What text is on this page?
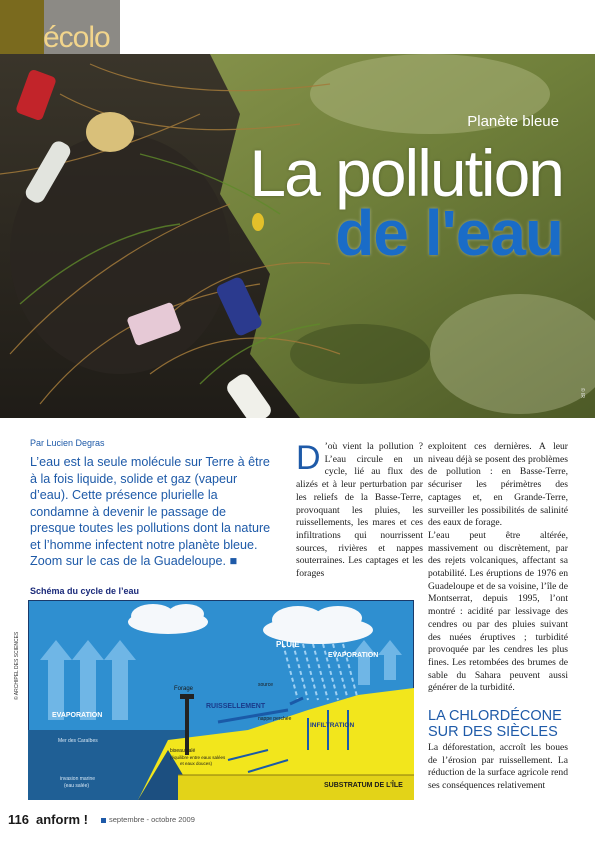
écolo
Planète bleue
La pollution
de l'eau
© IR
Par Lucien Degras
L’eau est la seule molécule sur Terre à être à la fois liquide, solide et gaz (vapeur d’eau). Cette présence plurielle la condamne à devenir le passage de presque toutes les pollutions dont la nature et l’homme infectent notre planète bleue. Zoom sur le cas de la Guadeloupe. ■

D ’où vient la pollution ? L’eau circule en un cycle, lié au flux des alizés et à leur perturbation par les reliefs de la Basse-Terre, provoquant les pluies, les ruissellements, les mares et ces infiltrations qui nourrissent sources, rivières et nappes souterraines. Les captages et les forages

exploitent ces dernières. A leur niveau déjà se posent des problèmes de pollution : en Basse-Terre, sécuriser les périmètres des captages et, en Grande-Terre, surveiller les possibilités de salinité des eaux de forage.

L’eau peut être altérée, massivement ou discrètement, par des rejets volcaniques, affectant sa potabilité. Les éruptions de 1976 en Guadeloupe et de sa voisine, l’île de Montserrat, depuis 1995, l’ont montré : acidité par lessivage des cendres ou par des pluies suivant des nuées éruptives ; turbidité provoquée par les cendres les plus fines. Les retombées des brumes de sable du Sahara peuvent aussi générer de la turbidité.

LA CHLORDÉCONE SUR DES SIÈCLES

La déforestation, accroît les boues de l’érosion par ruissellement. La réduction de la surface agricole rend ses conséquences relativement

Schéma du cycle de l’eau
© ARCHIPEL DES SCIENCES	PLUIE
EVAPORATION
EVAPORATION
Forage
source
RUISSELLEMENT
nappe perchée
INFILTRATION
Mer des Caraïbes
invasion marine
(eau salée)
biseau salé
(équilibre entre eaux salées
et eaux douces)
SUBSTRATUM DE L’ÎLE
116 anform !	septembre - octobre 2009
